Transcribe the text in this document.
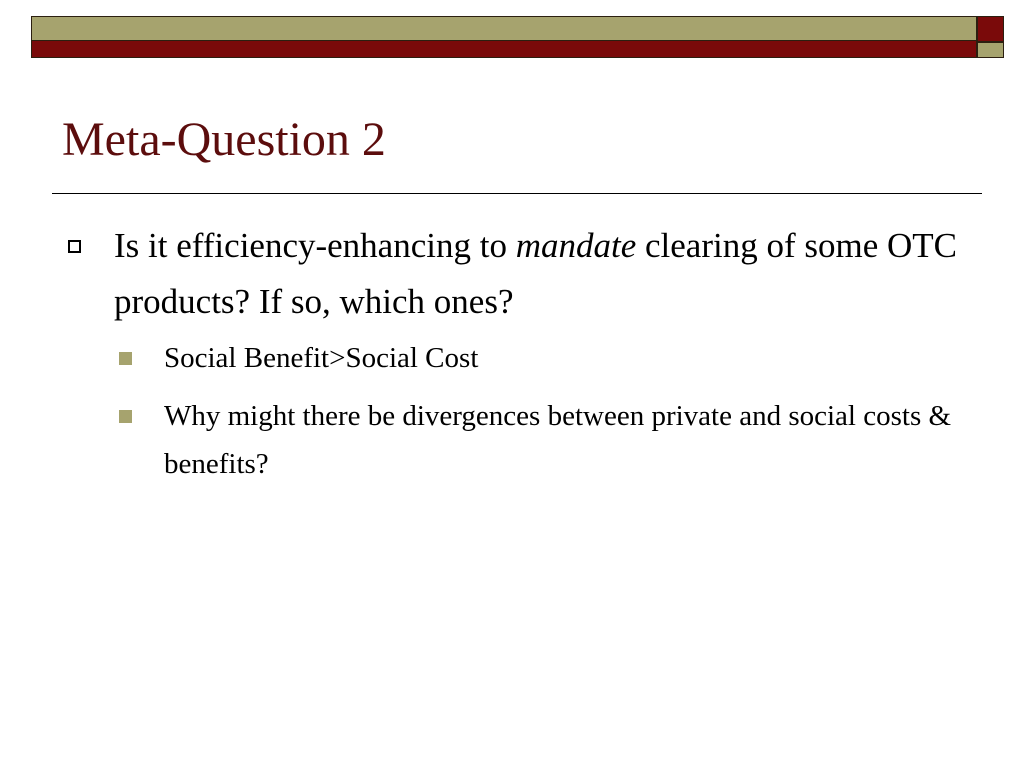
Meta-Question 2
Is it efficiency-enhancing to mandate clearing of some OTC products? If so, which ones?
Social Benefit>Social Cost
Why might there be divergences between private and social costs & benefits?
